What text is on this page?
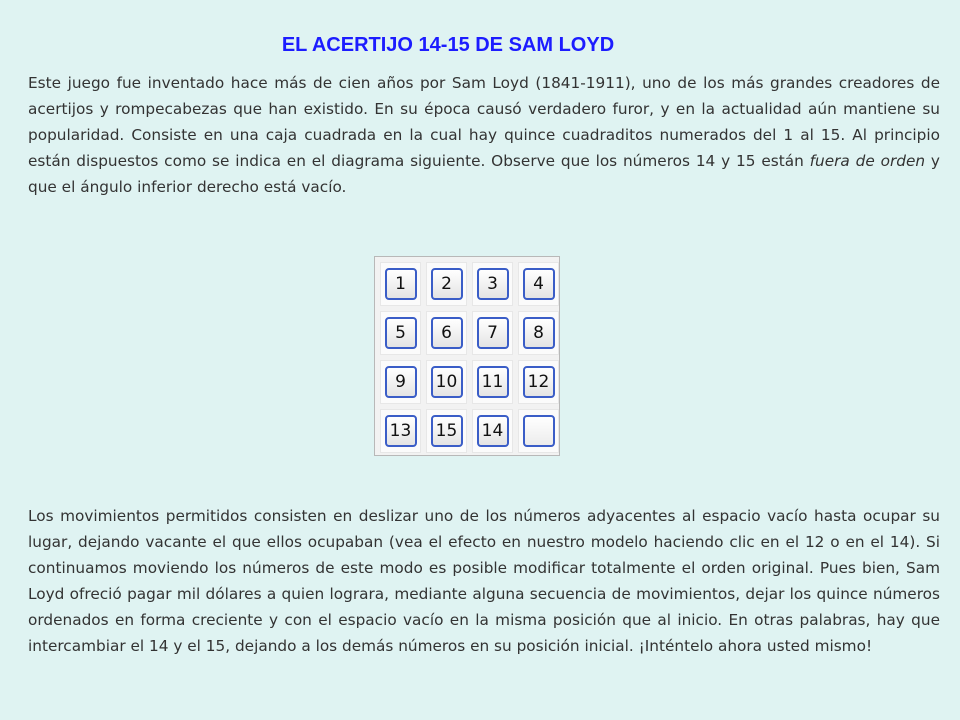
EL ACERTIJO 14-15 DE SAM LOYD
Este juego fue inventado hace más de cien años por Sam Loyd (1841-1911), uno de los más grandes creadores de acertijos y rompecabezas que han existido. En su época causó verdadero furor, y en la actualidad aún mantiene su popularidad. Consiste en una caja cuadrada en la cual hay quince cuadraditos numerados del 1 al 15. Al principio están dispuestos como se indica en el diagrama siguiente. Observe que los números 14 y 15 están fuera de orden y que el ángulo inferior derecho está vacío.
1	2	3	4
5	6	7	8
9	10	11	12
13	15	14
Los movimientos permitidos consisten en deslizar uno de los números adyacentes al espacio vacío hasta ocupar su lugar, dejando vacante el que ellos ocupaban (vea el efecto en nuestro modelo haciendo clic en el 12 o en el 14). Si continuamos moviendo los números de este modo es posible modificar totalmente el orden original. Pues bien, Sam Loyd ofreció pagar mil dólares a quien lograra, mediante alguna secuencia de movimientos, dejar los quince números ordenados en forma creciente y con el espacio vacío en la misma posición que al inicio. En otras palabras, hay que intercambiar el 14 y el 15, dejando a los demás números en su posición inicial. ¡Inténtelo ahora usted mismo!
